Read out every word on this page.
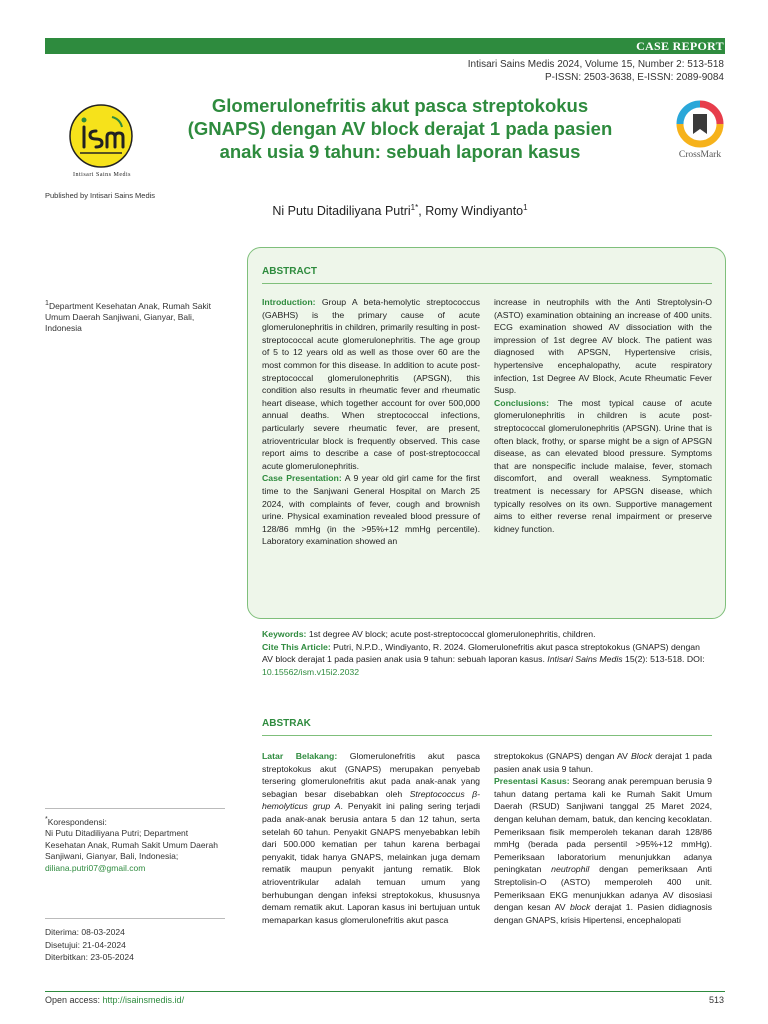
CASE REPORT
Intisari Sains Medis 2024, Volume 15, Number 2: 513-518
P-ISSN: 2503-3638, E-ISSN: 2089-9084
Intisari Sains Medis
Published by Intisari Sains Medis
Glomerulonefritis akut pasca streptokokus
(GNAPS) dengan AV block derajat 1 pada pasien
anak usia 9 tahun: sebuah laporan kasus	CrossMark
Ni Putu Ditadiliyana Putri$^{1*}$, Romy Windiyanto$^1$
$^1$Department Kesehatan Anak, Rumah Sakit Umum Daerah Sanjiwani, Gianyar, Bali, Indonesia
ABSTRACT
Introduction: Group A beta-hemolytic streptococcus (GABHS) is the primary cause of acute glomerulonephritis in children, primarily resulting in post-streptococcal acute glomerulonephritis. The age group of 5 to 12 years old as well as those over 60 are the most common for this disease. In addition to acute post-streptococcal glomerulonephritis (APSGN), this condition also results in rheumatic fever and rheumatic heart disease, which together account for over 500,000 annual deaths. When streptococcal infections, particularly severe rheumatic fever, are present, atrioventricular block is frequently observed. This case report aims to describe a case of post-streptococcal acute glomerulonephritis.
Case Presentation: A 9 year old girl came for the first time to the Sanjwani General Hospital on March 25 2024, with complaints of fever, cough and brownish urine. Physical examination revealed blood pressure of 128/86 mmHg (in the >95%+12 mmHg percentile). Laboratory examination showed an
increase in neutrophils with the Anti Streptolysin-O (ASTO) examination obtaining an increase of 400 units. ECG examination showed AV dissociation with the impression of 1st degree AV block. The patient was diagnosed with APSGN, Hypertensive crisis, hypertensive encephalopathy, acute respiratory infection, 1st Degree AV Block, Acute Rheumatic Fever Susp.
Conclusions: The most typical cause of acute glomerulonephritis in children is acute post-streptococcal glomerulonephritis (APSGN). Urine that is often black, frothy, or sparse might be a sign of APSGN disease, as can elevated blood pressure. Symptoms that are nonspecific include malaise, fever, stomach discomfort, and overall weakness. Symptomatic treatment is necessary for APSGN disease, which typically resolves on its own. Supportive management aims to either reverse renal impairment or preserve kidney function.
Keywords: 1st degree AV block; acute post-streptococcal glomerulonephritis, children.
Cite This Article: Putri, N.P.D., Windiyanto, R. 2024. Glomerulonefritis akut pasca streptokokus (GNAPS) dengan AV block derajat 1 pada pasien anak usia 9 tahun: sebuah laporan kasus. Intisari Sains Medis 15(2): 513-518. DOI: 10.15562/ism.v15i2.2032
ABSTRAK
Latar Belakang: Glomerulonefritis akut pasca streptokokus akut (GNAPS) merupakan penyebab tersering glomerulonefritis akut pada anak-anak yang sebagian besar disebabkan oleh Streptococcus β-hemolyticus grup A. Penyakit ini paling sering terjadi pada anak-anak berusia antara 5 dan 12 tahun, serta setelah 60 tahun. Penyakit GNAPS menyebabkan lebih dari 500.000 kematian per tahun karena berbagai penyakit, tidak hanya GNAPS, melainkan juga demam rematik maupun penyakit jantung rematik. Blok atrioventrikular adalah temuan umum yang berhubungan dengan infeksi streptokokus, khususnya demam rematik akut. Laporan kasus ini bertujuan untuk memaparkan kasus glomerulonefritis akut pasca
streptokokus (GNAPS) dengan AV Block derajat 1 pada pasien anak usia 9 tahun.
Presentasi Kasus: Seorang anak perempuan berusia 9 tahun datang pertama kali ke Rumah Sakit Umum Daerah (RSUD) Sanjiwani tanggal 25 Maret 2024, dengan keluhan demam, batuk, dan kencing kecoklatan. Pemeriksaan fisik memperoleh tekanan darah 128/86 mmHg (berada pada persentil >95%+12 mmHg). Pemeriksaan laboratorium menunjukkan adanya peningkatan neutrophil dengan pemeriksaan Anti Streptolisin-O (ASTO) memperoleh 400 unit. Pemeriksaan EKG menunjukkan adanya AV disosiasi dengan kesan AV block derajat 1. Pasien didiagnosis dengan GNAPS, krisis Hipertensi, encephalopati
*Korespondensi:
Ni Putu Ditadiliyana Putri; Department Kesehatan Anak, Rumah Sakit Umum Daerah Sanjiwani, Gianyar, Bali, Indonesia;
diliana.putri07@gmail.com
Diterima: 08-03-2024
Disetujui: 21-04-2024
Diterbitkan: 23-05-2024
Open access: http://isainsmedis.id/	513
